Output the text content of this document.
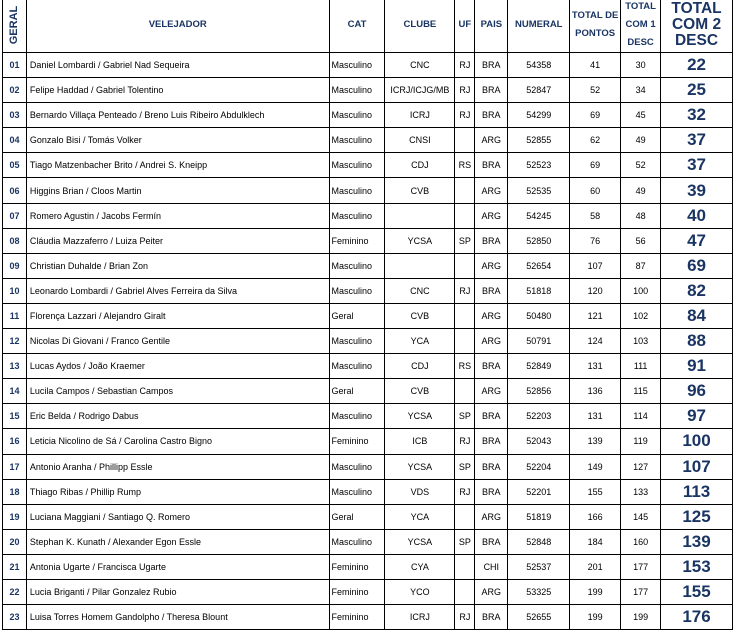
GERAL	VELEJADOR	CAT	CLUBE	UF	PAIS	NUMERAL	TOTAL DE PONTOS	TOTAL COM 1 DESC	TOTAL COM 2 DESC
01	Daniel Lombardi / Gabriel Nad Sequeira	Masculino	CNC	RJ	BRA	54358	41	30	22
02	Felipe Haddad / Gabriel Tolentino	Masculino	ICRJ/ICJG/MB	RJ	BRA	52847	52	34	25
03	Bernardo Villaça Penteado / Breno Luis Ribeiro Abdulklech	Masculino	ICRJ	RJ	BRA	54299	69	45	32
04	Gonzalo Bisi / Tomás Volker	Masculino	CNSI		ARG	52855	62	49	37
05	Tiago Matzenbacher Brito / Andrei S. Kneipp	Masculino	CDJ	RS	BRA	52523	69	52	37
06	Higgins Brian / Cloos Martin	Masculino	CVB		ARG	52535	60	49	39
07	Romero Agustin / Jacobs Fermín	Masculino			ARG	54245	58	48	40
08	Cláudia Mazzaferro / Luiza Peiter	Feminino	YCSA	SP	BRA	52850	76	56	47
09	Christian Duhalde / Brian Zon	Masculino			ARG	52654	107	87	69
10	Leonardo Lombardi / Gabriel Alves Ferreira da Silva	Masculino	CNC	RJ	BRA	51818	120	100	82
11	Florença Lazzari / Alejandro Giralt	Geral	CVB		ARG	50480	121	102	84
12	Nicolas Di Giovani / Franco Gentile	Masculino	YCA		ARG	50791	124	103	88
13	Lucas Aydos / João Kraemer	Masculino	CDJ	RS	BRA	52849	131	111	91
14	Lucila Campos / Sebastian Campos	Geral	CVB		ARG	52856	136	115	96
15	Eric Belda / Rodrigo Dabus	Masculino	YCSA	SP	BRA	52203	131	114	97
16	Leticia Nicolino de Sá / Carolina Castro Bigno	Feminino	ICB	RJ	BRA	52043	139	119	100
17	Antonio Aranha / Phillipp Essle	Masculino	YCSA	SP	BRA	52204	149	127	107
18	Thiago Ribas / Phillip Rump	Masculino	VDS	RJ	BRA	52201	155	133	113
19	Luciana Maggiani / Santiago Q. Romero	Geral	YCA		ARG	51819	166	145	125
20	Stephan K. Kunath / Alexander Egon Essle	Masculino	YCSA	SP	BRA	52848	184	160	139
21	Antonia Ugarte / Francisca Ugarte	Feminino	CYA		CHI	52537	201	177	153
22	Lucia Briganti / Pilar Gonzalez Rubio	Feminino	YCO		ARG	53325	199	177	155
23	Luisa Torres Homem Gandolpho / Theresa Blount	Feminino	ICRJ	RJ	BRA	52655	199	199	176
